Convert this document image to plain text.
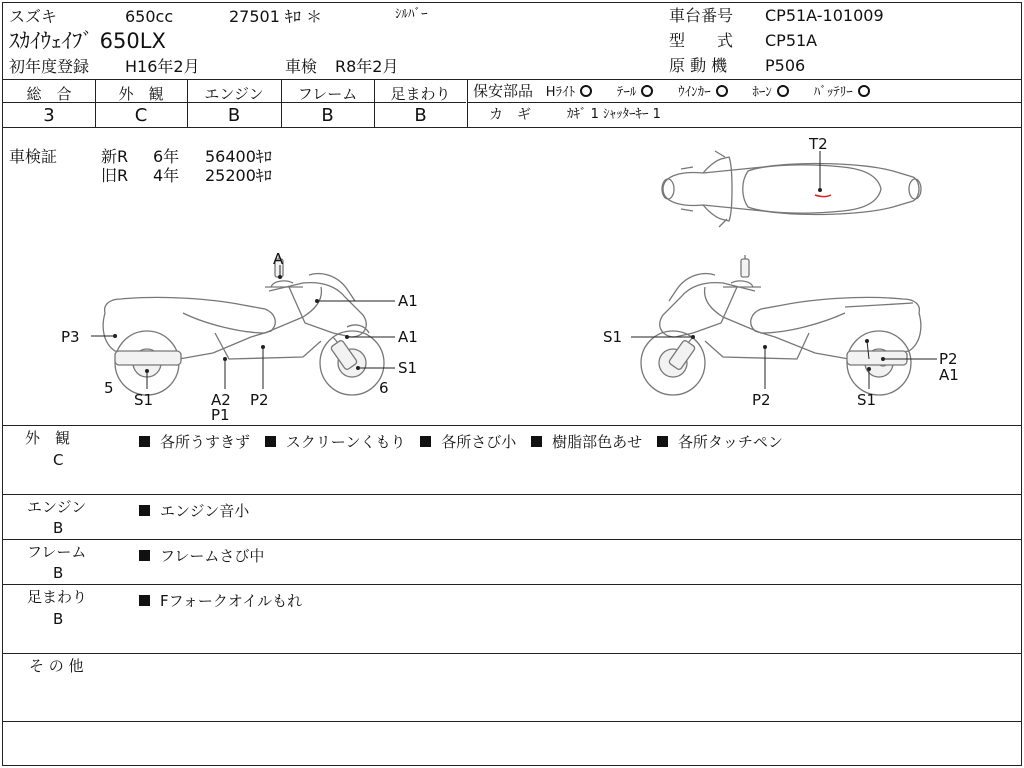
スズキ	650cc	27501 ｷﾛ ＊	ｼﾙﾊﾞｰ
ｽｶｲｳｪｲﾌﾞ 650LX
初年度登録 H16年2月	車検 R8年2月
車台番号 CP51A-101009
型　　式 CP51A
原 動 機 P506
総　合
3
外　観
C
エンジン
B
フレーム
B
足まわり
B
保安部品 Hﾗｲﾄ	ﾃｰﾙ	ｳｲﾝｶｰ	ﾎｰﾝ	ﾊﾞｯﾃﾘｰ
カ　ギ	ｶｷﾞ 1 ｼｬｯﾀｰｷｰ 1
車検証	新R 6年 56400ｷﾛ
旧R 4年 25200ｷﾛ
T2
A
A1
A1
S1
P3
5	6
S1	A2
P1
P2
S1
P2
A1
P2	S1
外　観
C
各所うすきず スクリーンくもり 各所さび小 樹脂部色あせ 各所タッチペン
エンジン
B
エンジン音小
フレーム
B
フレームさび中
足まわり
B
Fフォークオイルもれ
そ の 他
